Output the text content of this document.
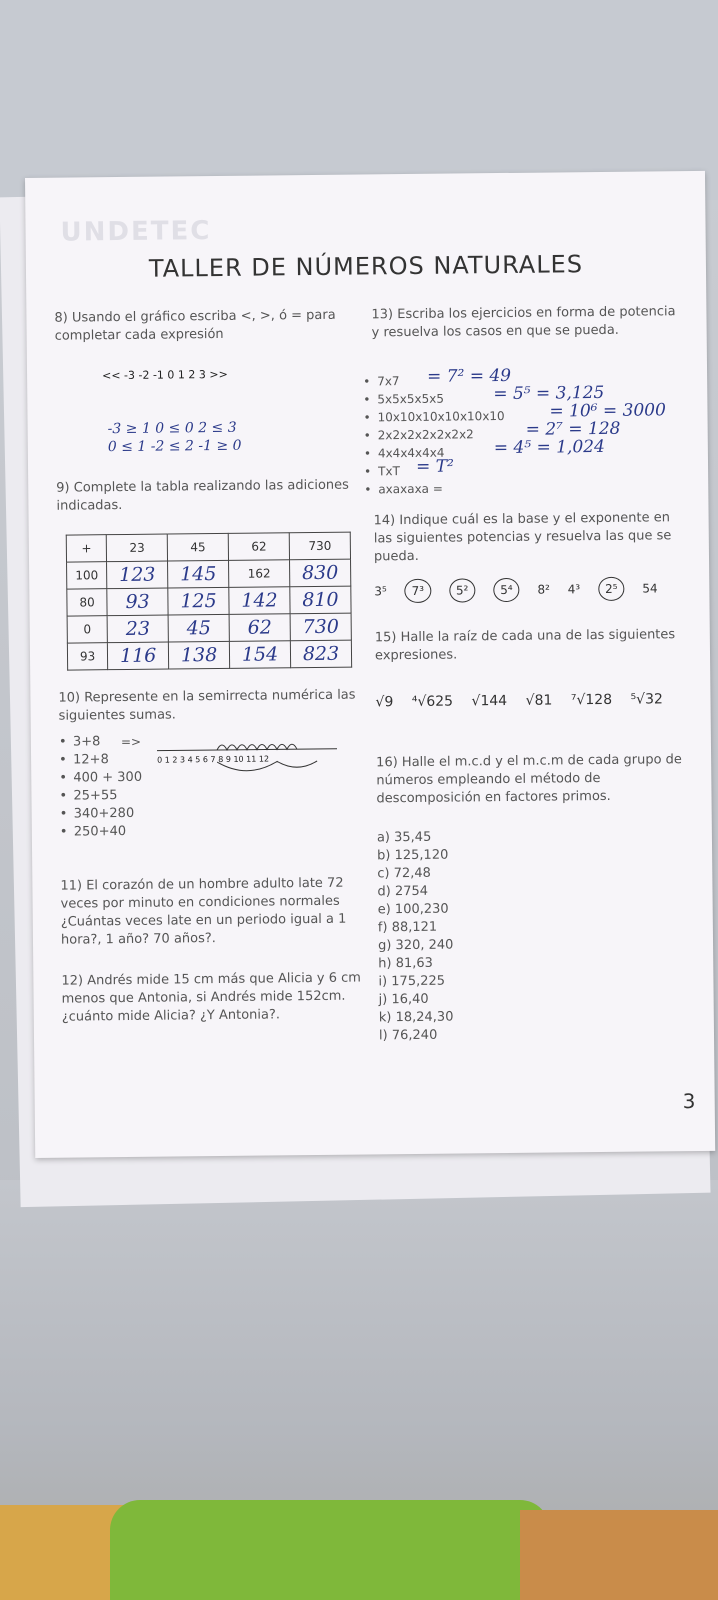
UNDETEC
TALLER DE NÚMEROS NATURALES
8) Usando el gráfico escriba <, >, ó = para completar cada expresión
<< -3 -2 -1 0 1 2 3 >>
-3 ≥ 1 0 ≤ 0 2 ≤ 3
0 ≤ 1 -2 ≤ 2 -1 ≥ 0
9) Complete la tabla realizando las adiciones indicadas.
+	23	45	62	730
100	123	145	162	830
80	93	125	142	810
0	23	45	62	730
93	116	138	154	823
10) Represente en la semirrecta numérica las siguientes sumas.
• 3+8
• 12+8
• 400 + 300
• 25+55
• 340+280
• 250+40
=>
0 1 2 3 4 5 6 7 8 9 10 11 12
11) El corazón de un hombre adulto late 72 veces por minuto en condiciones normales ¿Cuántas veces late en un periodo igual a 1 hora?, 1 año? 70 años?.
12) Andrés mide 15 cm más que Alicia y 6 cm menos que Antonia, si Andrés mide 152cm. ¿cuánto mide Alicia? ¿Y Antonia?.
13) Escriba los ejercicios en forma de potencia y resuelva los casos en que se pueda.
• 7x7
• 5x5x5x5x5
• 10x10x10x10x10x10
• 2x2x2x2x2x2x2
• 4x4x4x4x4
• TxT
• axaxaxa =
= 7² = 49
= 5⁵ = 3,125
= 10⁶ = 3000
= 2⁷ = 128
= 4⁵ = 1,024
= T²
14) Indique cuál es la base y el exponente en las siguientes potencias y resuelva las que se pueda.
3⁵ 7³	5²	5⁴ 8² 4³ 2⁵ 54
15) Halle la raíz de cada una de las siguientes expresiones.
√9 ⁴√625 √144 √81 ⁷√128 ⁵√32
16) Halle el m.c.d y el m.c.m de cada grupo de números empleando el método de descomposición en factores primos.
a) 35,45
b) 125,120
c) 72,48
d) 2754
e) 100,230
f) 88,121
g) 320, 240
h) 81,63
i) 175,225
j) 16,40
k) 18,24,30
l) 76,240
3
